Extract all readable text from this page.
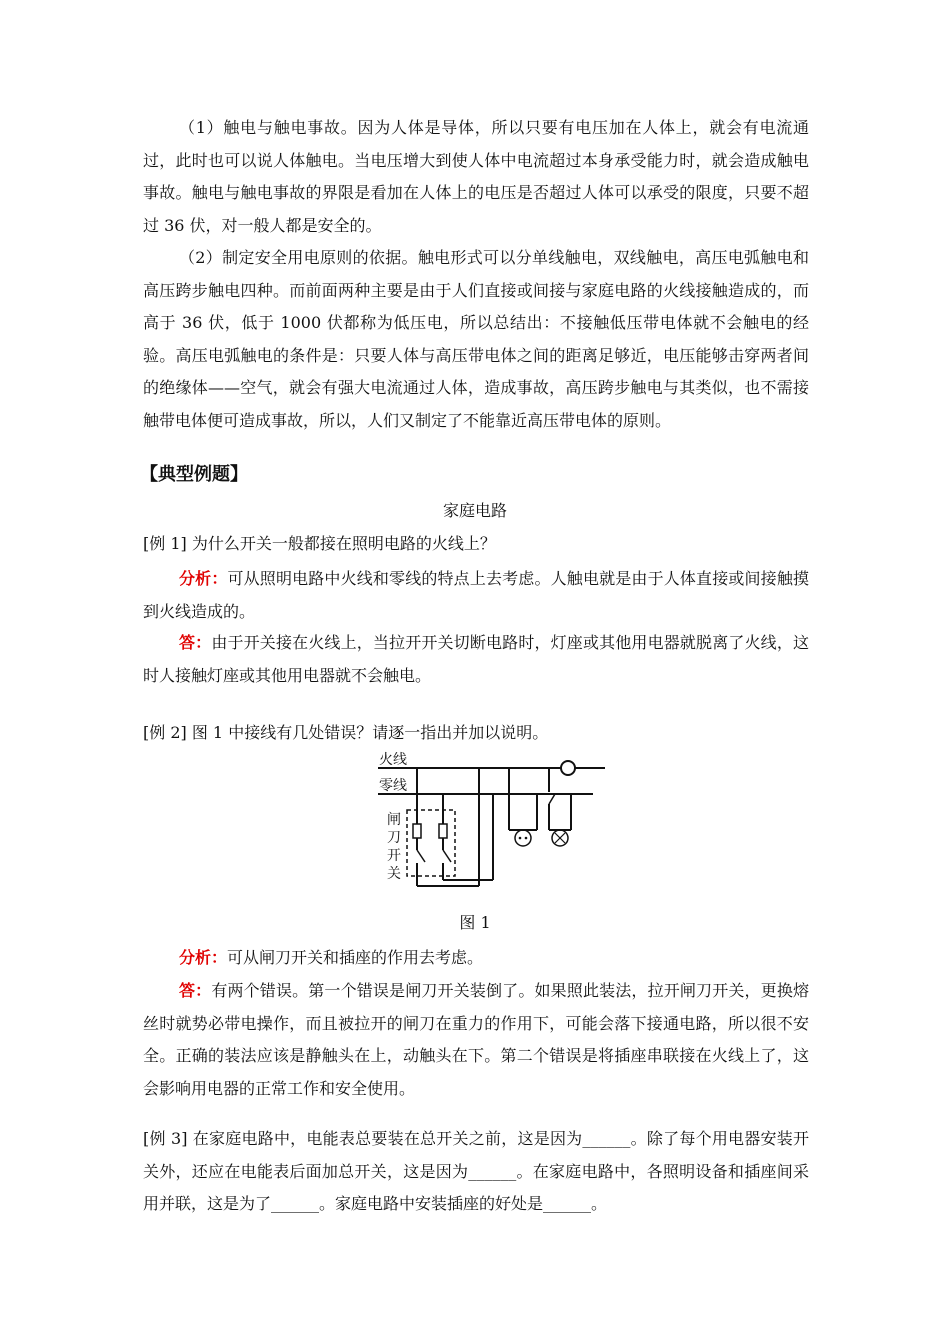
（1）触电与触电事故。因为人体是导体，所以只要有电压加在人体上，就会有电流通过，此时也可以说人体触电。当电压增大到使人体中电流超过本身承受能力时，就会造成触电事故。触电与触电事故的界限是看加在人体上的电压是否超过人体可以承受的限度，只要不超过 36 伏，对一般人都是安全的。

（2）制定安全用电原则的依据。触电形式可以分单线触电，双线触电，高压电弧触电和高压跨步触电四种。而前面两种主要是由于人们直接或间接与家庭电路的火线接触造成的，而高于 36 伏，低于 1000 伏都称为低压电，所以总结出：不接触低压带电体就不会触电的经验。高压电弧触电的条件是：只要人体与高压带电体之间的距离足够近，电压能够击穿两者间的绝缘体——空气，就会有强大电流通过人体，造成事故，高压跨步触电与其类似，也不需接触带电体便可造成事故，所以，人们又制定了不能靠近高压带电体的原则。

【典型例题】

家庭电路

[例 1] 为什么开关一般都接在照明电路的火线上？

分析：可从照明电路中火线和零线的特点上去考虑。人触电就是由于人体直接或间接触摸到火线造成的。

答：由于开关接在火线上，当拉开开关切断电路时，灯座或其他用电器就脱离了火线，这时人接触灯座或其他用电器就不会触电。

[例 2] 图 1 中接线有几处错误？请逐一指出并加以说明。

火线
零线
闸
刀
开
关

图 1

分析：可从闸刀开关和插座的作用去考虑。

答：有两个错误。第一个错误是闸刀开关装倒了。如果照此装法，拉开闸刀开关，更换熔丝时就势必带电操作，而且被拉开的闸刀在重力的作用下，可能会落下接通电路，所以很不安全。正确的装法应该是静触头在上，动触头在下。第二个错误是将插座串联接在火线上了，这会影响用电器的正常工作和安全使用。

[例 3] 在家庭电路中，电能表总要装在总开关之前，这是因为______。除了每个用电器安装开关外，还应在电能表后面加总开关，这是因为______。在家庭电路中，各照明设备和插座间采用并联，这是为了______。家庭电路中安装插座的好处是______。
